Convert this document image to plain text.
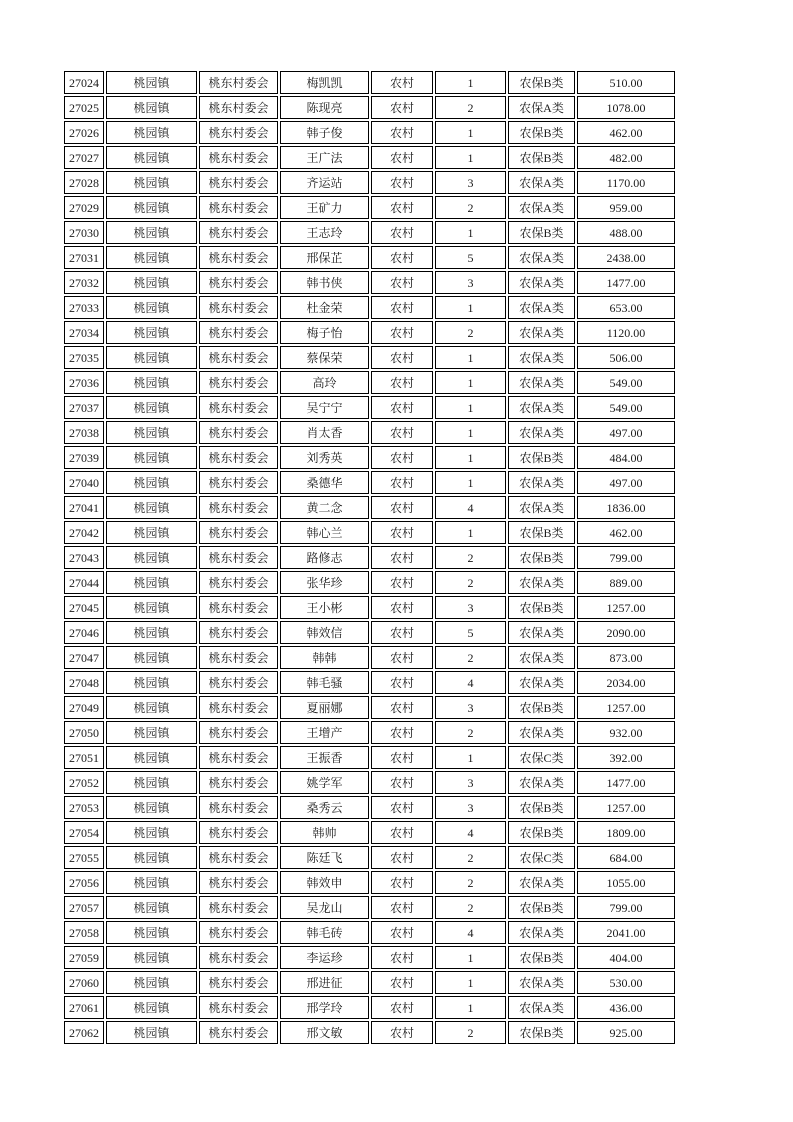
27024	桃园镇	桃东村委会	梅凯凯	农村	1	农保B类	510.00
27025	桃园镇	桃东村委会	陈现亮	农村	2	农保A类	1078.00
27026	桃园镇	桃东村委会	韩子俊	农村	1	农保B类	462.00
27027	桃园镇	桃东村委会	王广法	农村	1	农保B类	482.00
27028	桃园镇	桃东村委会	齐运站	农村	3	农保A类	1170.00
27029	桃园镇	桃东村委会	王矿力	农村	2	农保A类	959.00
27030	桃园镇	桃东村委会	王志玲	农村	1	农保B类	488.00
27031	桃园镇	桃东村委会	邢保芷	农村	5	农保A类	2438.00
27032	桃园镇	桃东村委会	韩书侠	农村	3	农保A类	1477.00
27033	桃园镇	桃东村委会	杜金荣	农村	1	农保A类	653.00
27034	桃园镇	桃东村委会	梅子怡	农村	2	农保A类	1120.00
27035	桃园镇	桃东村委会	蔡保荣	农村	1	农保A类	506.00
27036	桃园镇	桃东村委会	高玲	农村	1	农保A类	549.00
27037	桃园镇	桃东村委会	吴宁宁	农村	1	农保A类	549.00
27038	桃园镇	桃东村委会	肖太香	农村	1	农保A类	497.00
27039	桃园镇	桃东村委会	刘秀英	农村	1	农保B类	484.00
27040	桃园镇	桃东村委会	桑德华	农村	1	农保A类	497.00
27041	桃园镇	桃东村委会	黄二念	农村	4	农保A类	1836.00
27042	桃园镇	桃东村委会	韩心兰	农村	1	农保B类	462.00
27043	桃园镇	桃东村委会	路修志	农村	2	农保B类	799.00
27044	桃园镇	桃东村委会	张华珍	农村	2	农保A类	889.00
27045	桃园镇	桃东村委会	王小彬	农村	3	农保B类	1257.00
27046	桃园镇	桃东村委会	韩效信	农村	5	农保A类	2090.00
27047	桃园镇	桃东村委会	韩韩	农村	2	农保A类	873.00
27048	桃园镇	桃东村委会	韩毛骚	农村	4	农保A类	2034.00
27049	桃园镇	桃东村委会	夏丽娜	农村	3	农保B类	1257.00
27050	桃园镇	桃东村委会	王增产	农村	2	农保A类	932.00
27051	桃园镇	桃东村委会	王振香	农村	1	农保C类	392.00
27052	桃园镇	桃东村委会	姚学军	农村	3	农保A类	1477.00
27053	桃园镇	桃东村委会	桑秀云	农村	3	农保B类	1257.00
27054	桃园镇	桃东村委会	韩帅	农村	4	农保B类	1809.00
27055	桃园镇	桃东村委会	陈廷飞	农村	2	农保C类	684.00
27056	桃园镇	桃东村委会	韩效申	农村	2	农保A类	1055.00
27057	桃园镇	桃东村委会	吴龙山	农村	2	农保B类	799.00
27058	桃园镇	桃东村委会	韩毛砖	农村	4	农保A类	2041.00
27059	桃园镇	桃东村委会	李运珍	农村	1	农保B类	404.00
27060	桃园镇	桃东村委会	邢进征	农村	1	农保A类	530.00
27061	桃园镇	桃东村委会	邢学玲	农村	1	农保A类	436.00
27062	桃园镇	桃东村委会	邢文敏	农村	2	农保B类	925.00
